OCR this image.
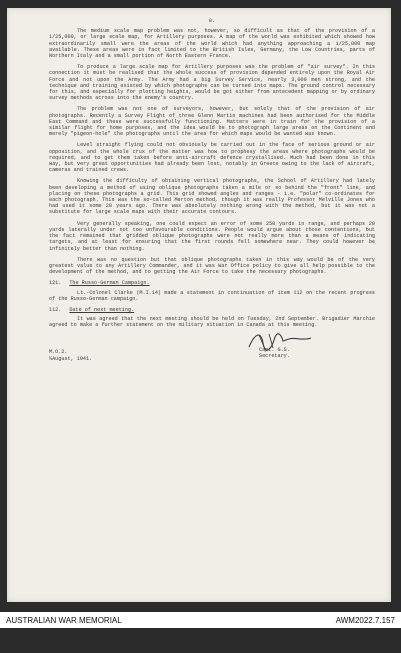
8.

The medium scale map problem was not, however, so difficult as that of the provision of a 1/25,000, or large scale map, for Artillery purposes. A map of the world was exhibited which showed how extraordinarily small were the areas of the world which had anything approaching a 1/25,000 map available. These areas were in fact limited to the British Isles, Germany, the Low Countries, parts of Northern Italy and a small portion of North Eastern France.

To produce a large scale map for Artillery purposes was the problem of "air survey". In this connection it must be realised that the whole success of provision depended entirely upon the Royal Air Force and not upon the Army. The Army had a big Survey Service, nearly 3,000 men strong, and the technique and training existed by which photographs can be turned into maps. The ground control necessary for this, and especially for plotting heights, would be got either from antecedent mapping or by ordinary survey methods across into the enemy's country.

The problem was not one of surveyors, however, but solely that of the provision of air photographs. Recently a Survey Flight of three Glenn Martin machines had been authorised for the Middle East Command and these were successfully functioning. Matters were in train for the provision of a similar flight for home purposes, and the idea would be to photograph large areas on the Continent and merely "pigeon-hole" the photographs until the area for which maps would be wanted was known.

Level straight flying could not obviously be carried out in the face of serious ground or air opposition, and the whole crux of the matter was how to prophesy the areas where photographs would be required, and to get them taken before anti-aircraft defence crystallised. Much had been done in this way, but very great opportunities had already been lost, notably in Greece owing to the lack of aircraft, cameras and trained crews.

Knowing the difficulty of obtaining vertical photographs, the School of Artillery had lately been developing a method of using oblique photographs taken a mile or so behind the "front" line, and placing on these photographs a grid. This grid showed angles and ranges - i.e. "polar" co-ordinates for each photograph. This was the so-called Merton method, though it was really Professor Melville Jones who had used it some 20 years ago. There was absolutely nothing wrong with the method, but it was not a substitute for large scale maps with their accurate contours.

Very generally speaking, one could expect an error of some 250 yards in range, and perhaps 20 yards laterally under not too unfavourable conditions. People would argue about those contentions, but the fact remained that gridded oblique photographs were not really more than a means of indicating targets, and at least for ensuring that the first rounds fell somewhere near. They could however be infinitely better than nothing.

There was no question but that oblique photographs taken in this way would be of the very greatest value to any Artillery Commander, and it was War Office policy to give all help possible to the development of the method, and to getting the Air Force to take the necessary photographs.

121. The Russo-German Campaign.

Lt.-Colonel Clarke (M.I.14) made a statement in continuation of item 112 on the recent progress of the Russo-German campaign.

112. Date of next meeting.

It was agreed that the next meeting should be held on Tuesday, 2nd September. Brigadier Marchie agreed to make a further statement on the military situation in Canada at this meeting.

M.O.2.
¼August, 1941.
Capt. G.S.
Secretary.
AUSTRALIAN WAR MEMORIAL	AWM2022.7.157
